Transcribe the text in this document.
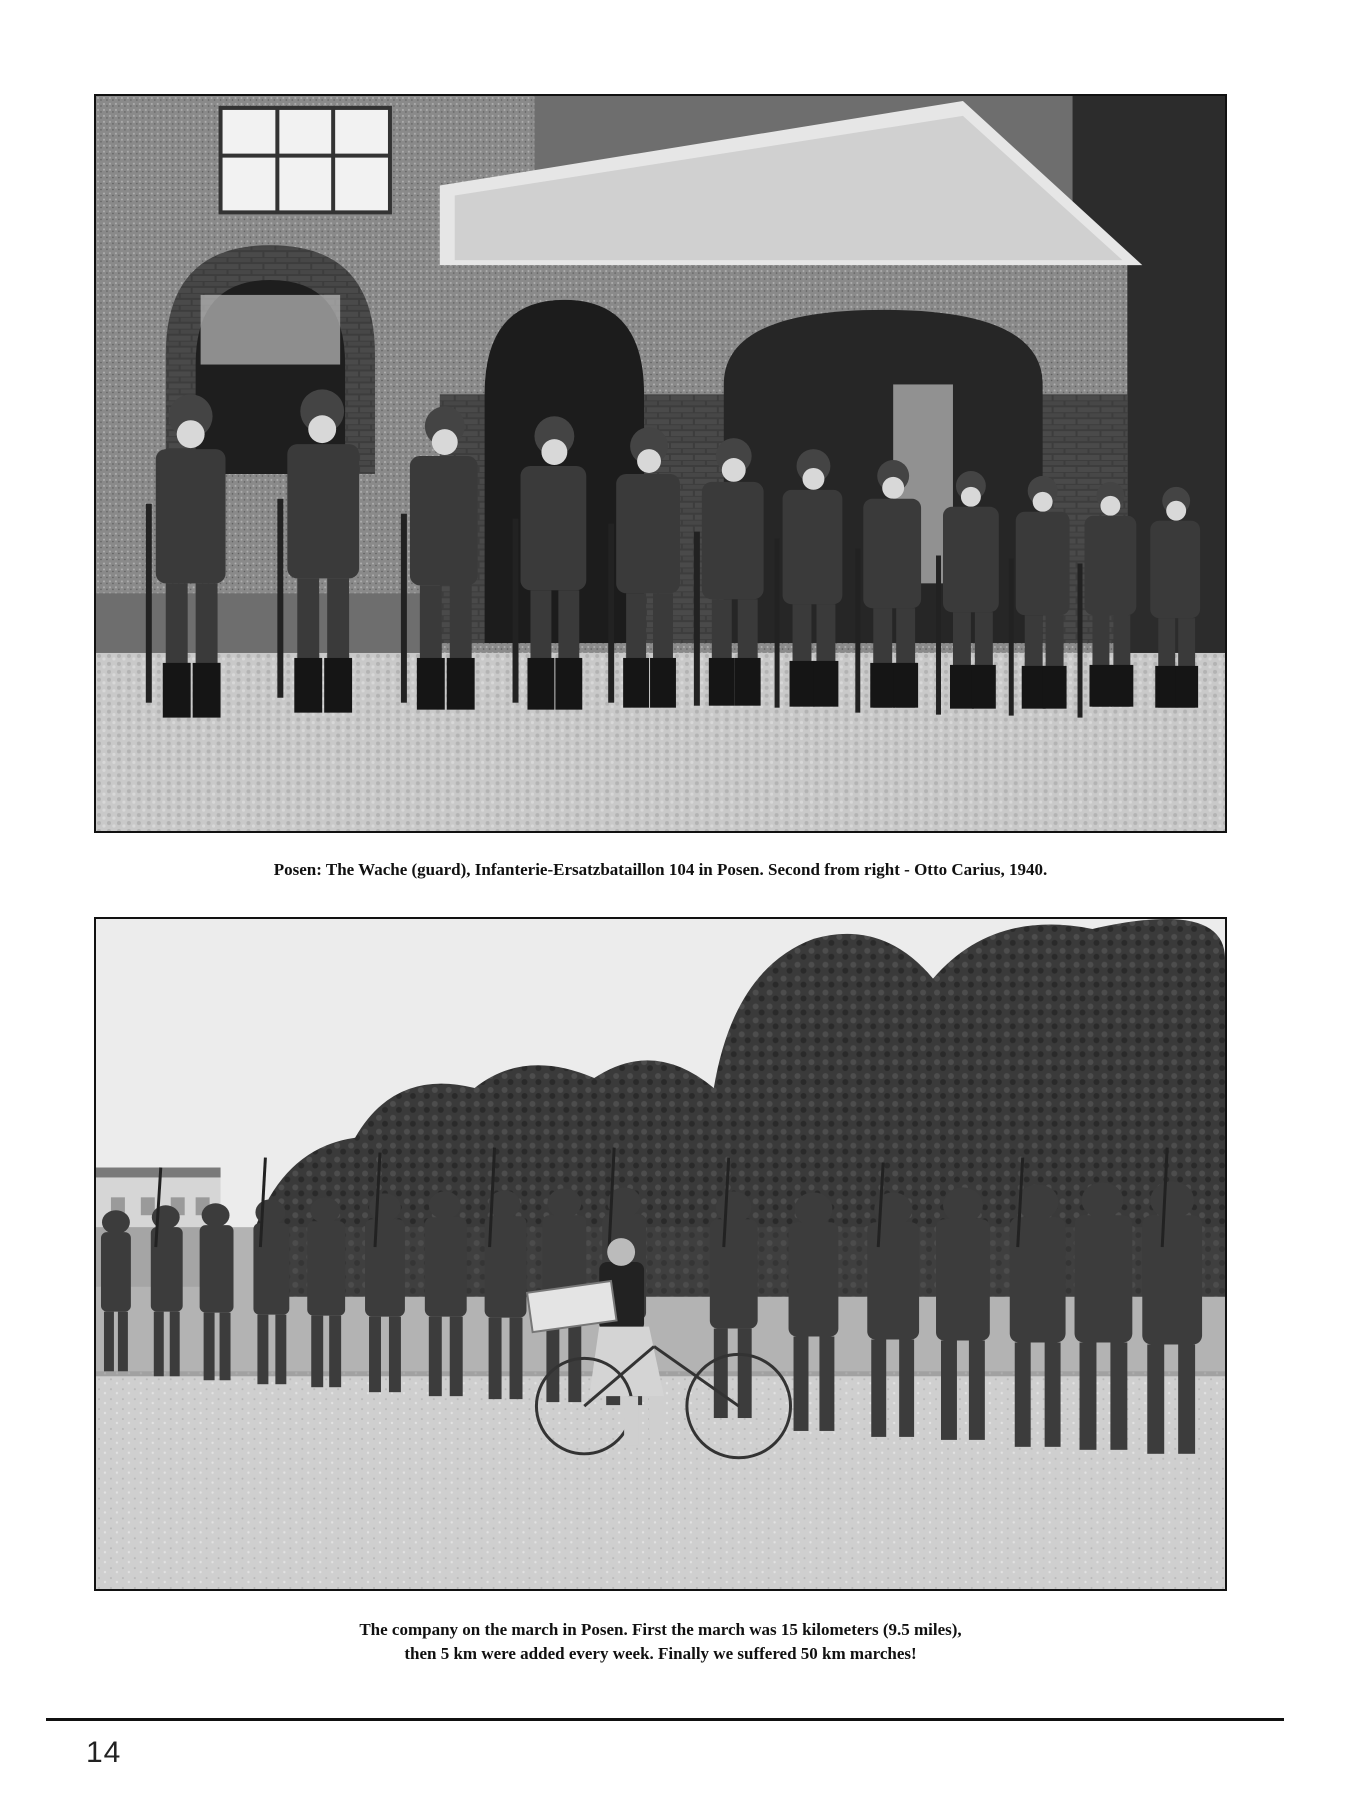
Posen: The Wache (guard), Infanterie-Ersatzbataillon 104 in Posen. Second from right - Otto Carius, 1940.
The company on the march in Posen. First the march was 15 kilometers (9.5 miles),
then 5 km were added every week. Finally we suffered 50 km marches!
14
